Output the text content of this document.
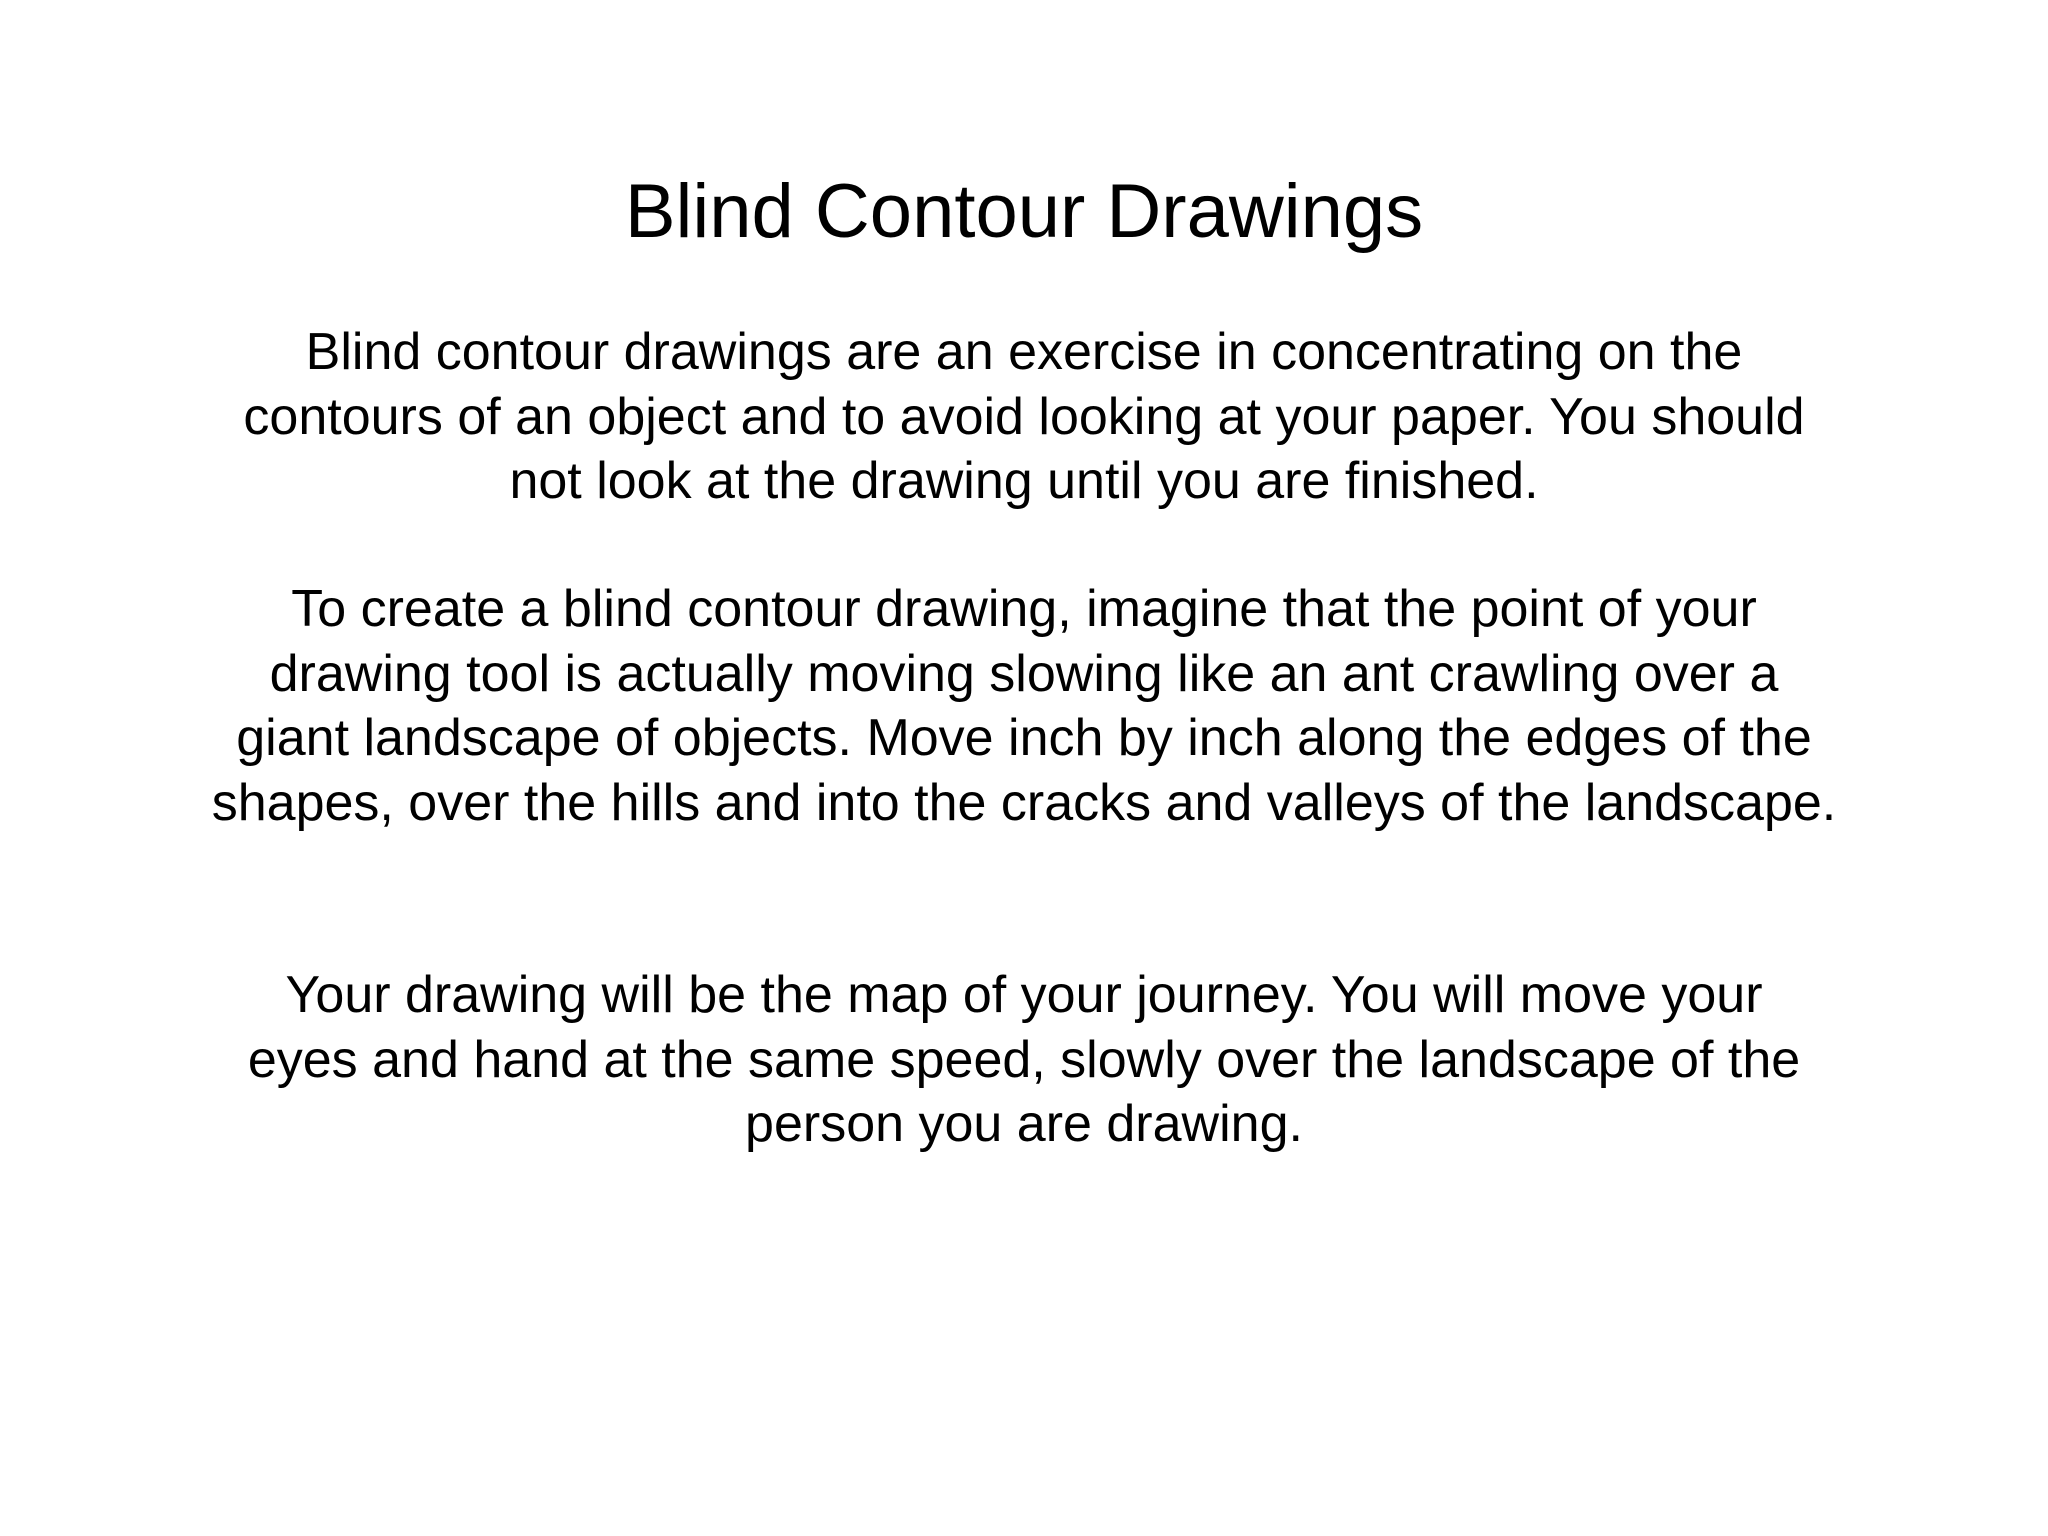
Blind Contour Drawings
Blind contour drawings are an exercise in concentrating on the
contours of an object and to avoid looking at your paper. You should
not look at the drawing until you are finished.
To create a blind contour drawing, imagine that the point of your
drawing tool is actually moving slowing like an ant crawling over a
giant landscape of objects. Move inch by inch along the edges of the
shapes, over the hills and into the cracks and valleys of the landscape.
Your drawing will be the map of your journey. You will move your
eyes and hand at the same speed, slowly over the landscape of the
person you are drawing.
